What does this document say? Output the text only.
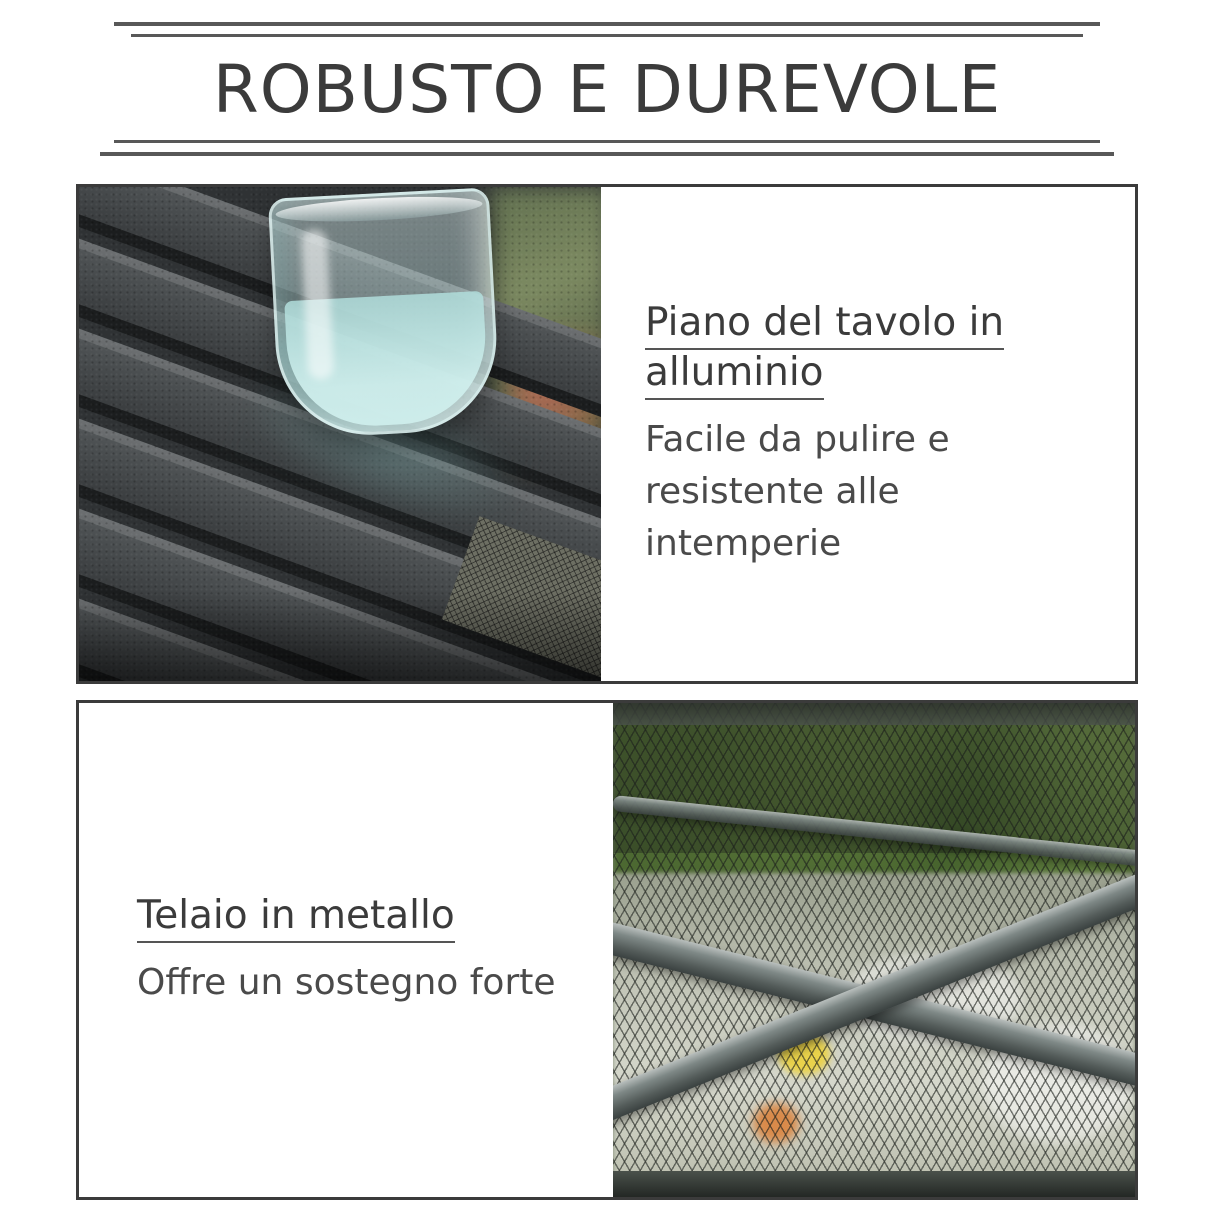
ROBUSTO E DUREVOLE
Piano del tavolo in alluminio
Facile da pulire e resistente alle intemperie
Telaio in metallo
Offre un sostegno forte
